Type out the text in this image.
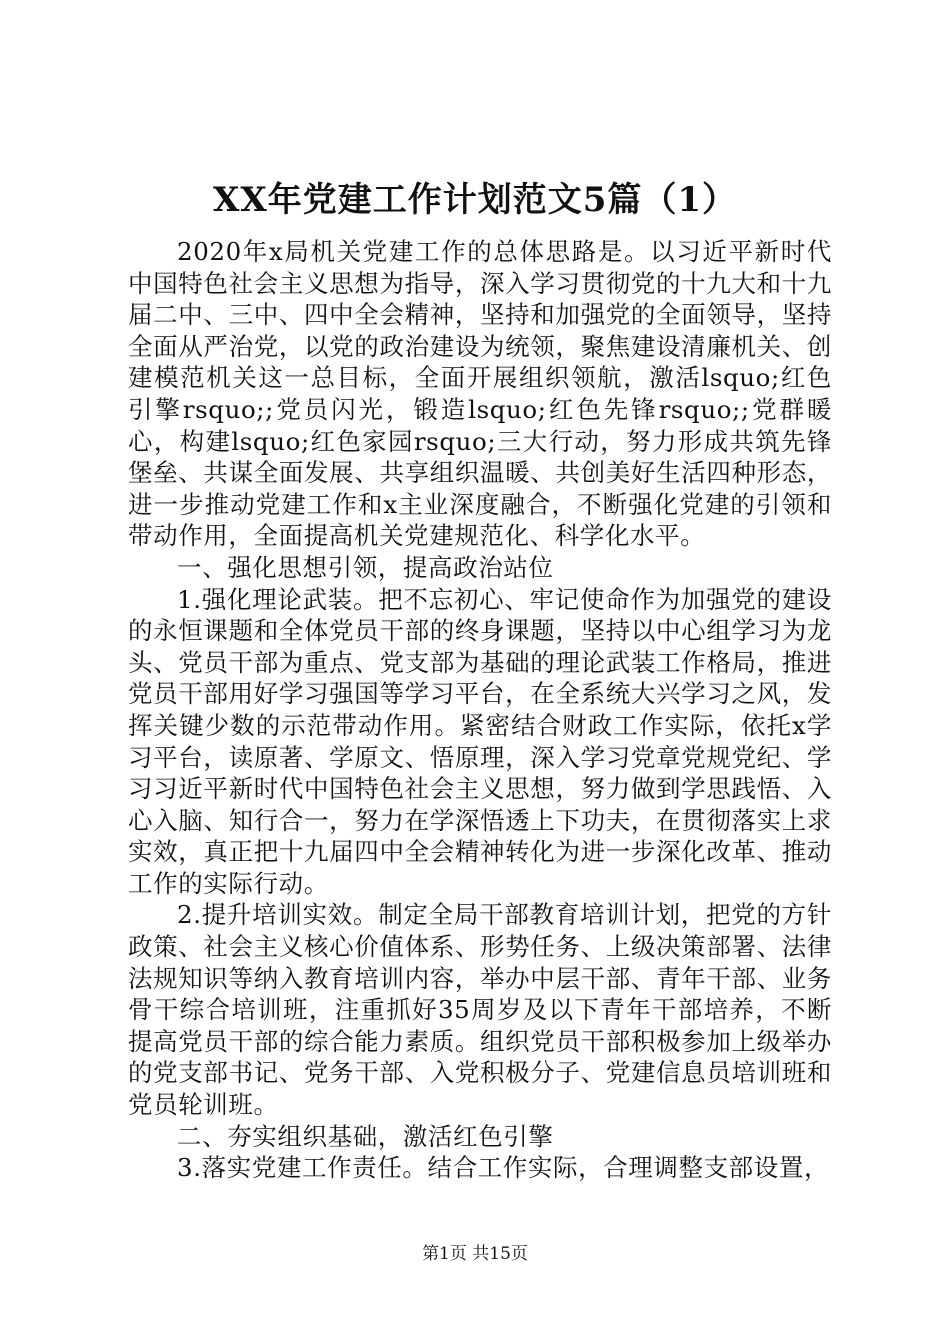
XX年党建工作计划范文5篇（1）

2020年x局机关党建工作的总体思路是。以习近平新时代中国特色社会主义思想为指导，深入学习贯彻党的十九大和十九届二中、三中、四中全会精神，坚持和加强党的全面领导，坚持全面从严治党，以党的政治建设为统领，聚焦建设清廉机关、创建模范机关这一总目标，全面开展组织领航，激活lsquo;红色引擎rsquo;;党员闪光，锻造lsquo;红色先锋rsquo;;党群暖心，构建lsquo;红色家园rsquo;三大行动，努力形成共筑先锋堡垒、共谋全面发展、共享组织温暖、共创美好生活四种形态，进一步推动党建工作和x主业深度融合，不断强化党建的引领和带动作用，全面提高机关党建规范化、科学化水平。

一、强化思想引领，提高政治站位

1.强化理论武装。把不忘初心、牢记使命作为加强党的建设的永恒课题和全体党员干部的终身课题，坚持以中心组学习为龙头、党员干部为重点、党支部为基础的理论武装工作格局，推进党员干部用好学习强国等学习平台，在全系统大兴学习之风，发挥关键少数的示范带动作用。紧密结合财政工作实际，依托x学习平台，读原著、学原文、悟原理，深入学习党章党规党纪、学习习近平新时代中国特色社会主义思想，努力做到学思践悟、入心入脑、知行合一，努力在学深悟透上下功夫，在贯彻落实上求实效，真正把十九届四中全会精神转化为进一步深化改革、推动工作的实际行动。

2.提升培训实效。制定全局干部教育培训计划，把党的方针政策、社会主义核心价值体系、形势任务、上级决策部署、法律法规知识等纳入教育培训内容，举办中层干部、青年干部、业务骨干综合培训班，注重抓好35周岁及以下青年干部培养，不断提高党员干部的综合能力素质。组织党员干部积极参加上级举办的党支部书记、党务干部、入党积极分子、党建信息员培训班和党员轮训班。

二、夯实组织基础，激活红色引擎

3.落实党建工作责任。结合工作实际，合理调整支部设置，

第1页 共15页
